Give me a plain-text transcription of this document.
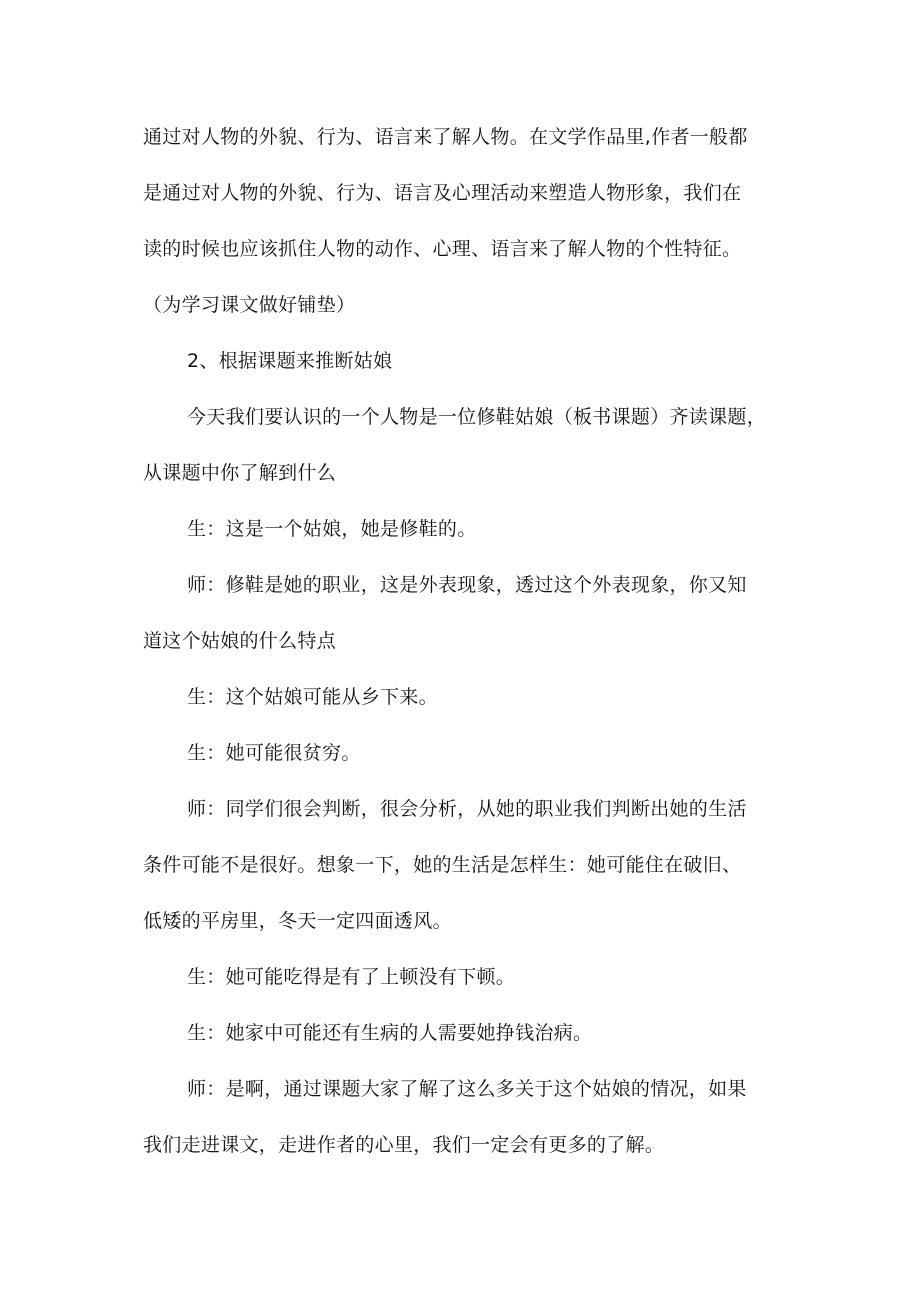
通过对人物的外貌、行为、语言来了解人物。在文学作品里,作者一般都
是通过对人物的外貌、行为、语言及心理活动来塑造人物形象，我们在
读的时候也应该抓住人物的动作、心理、语言来了解人物的个性特征。
（为学习课文做好铺垫）
2、根据课题来推断姑娘
今天我们要认识的一个人物是一位修鞋姑娘（板书课题）齐读课题，
从课题中你了解到什么
生：这是一个姑娘，她是修鞋的。
师：修鞋是她的职业，这是外表现象，透过这个外表现象，你又知
道这个姑娘的什么特点
生：这个姑娘可能从乡下来。
生：她可能很贫穷。
师：同学们很会判断，很会分析，从她的职业我们判断出她的生活
条件可能不是很好。想象一下，她的生活是怎样生：她可能住在破旧、
低矮的平房里，冬天一定四面透风。
生：她可能吃得是有了上顿没有下顿。
生：她家中可能还有生病的人需要她挣钱治病。
师：是啊，通过课题大家了解了这么多关于这个姑娘的情况，如果
我们走进课文，走进作者的心里，我们一定会有更多的了解。
